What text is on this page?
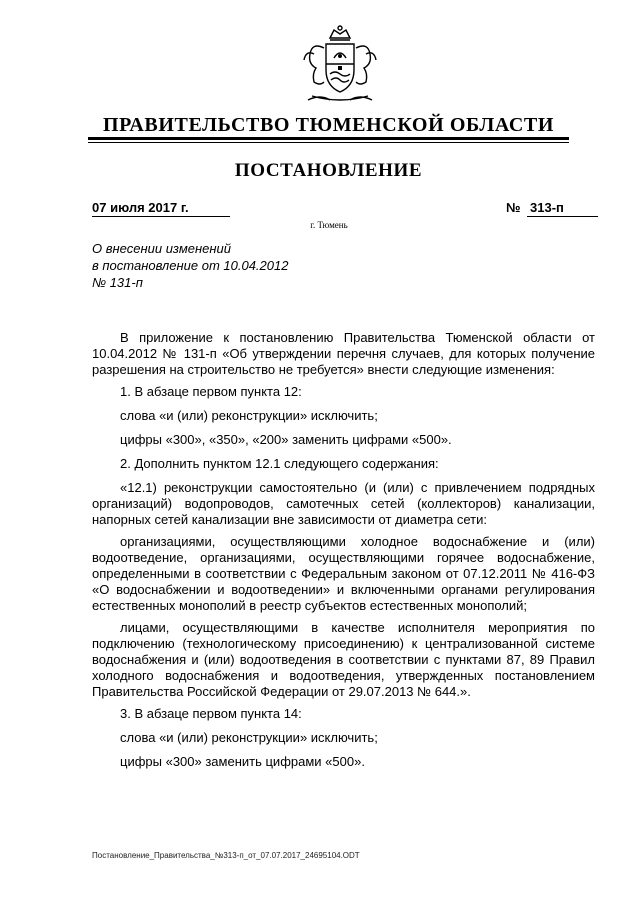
ПРАВИТЕЛЬСТВО ТЮМЕНСКОЙ ОБЛАСТИ
ПОСТАНОВЛЕНИЕ
07 июля 2017 г.	№ 313-п
г. Тюмень
О внесении изменений
в постановление от 10.04.2012
№ 131-п

В приложение к постановлению Правительства Тюменской области от 10.04.2012 № 131-п «Об утверждении перечня случаев, для которых получение разрешения на строительство не требуется» внести следующие изменения:

1. В абзаце первом пункта 12:

слова «и (или) реконструкции» исключить;

цифры «300», «350», «200» заменить цифрами «500».

2. Дополнить пунктом 12.1 следующего содержания:

«12.1) реконструкции самостоятельно (и (или) с привлечением подрядных организаций) водопроводов, самотечных сетей (коллекторов) канализации, напорных сетей канализации вне зависимости от диаметра сети:

организациями, осуществляющими холодное водоснабжение и (или) водоотведение, организациями, осуществляющими горячее водоснабжение, определенными в соответствии с Федеральным законом от 07.12.2011 № 416-ФЗ «О водоснабжении и водоотведении» и включенными органами регулирования естественных монополий в реестр субъектов естественных монополий;

лицами, осуществляющими в качестве исполнителя мероприятия по подключению (технологическому присоединению) к централизованной системе водоснабжения и (или) водоотведения в соответствии с пунктами 87, 89 Правил холодного водоснабжения и водоотведения, утвержденных постановлением Правительства Российской Федерации от 29.07.2013 № 644.».

3. В абзаце первом пункта 14:

слова «и (или) реконструкции» исключить;

цифры «300» заменить цифрами «500».

Постановление_Правительства_№313-п_от_07.07.2017_24695104.ODT
